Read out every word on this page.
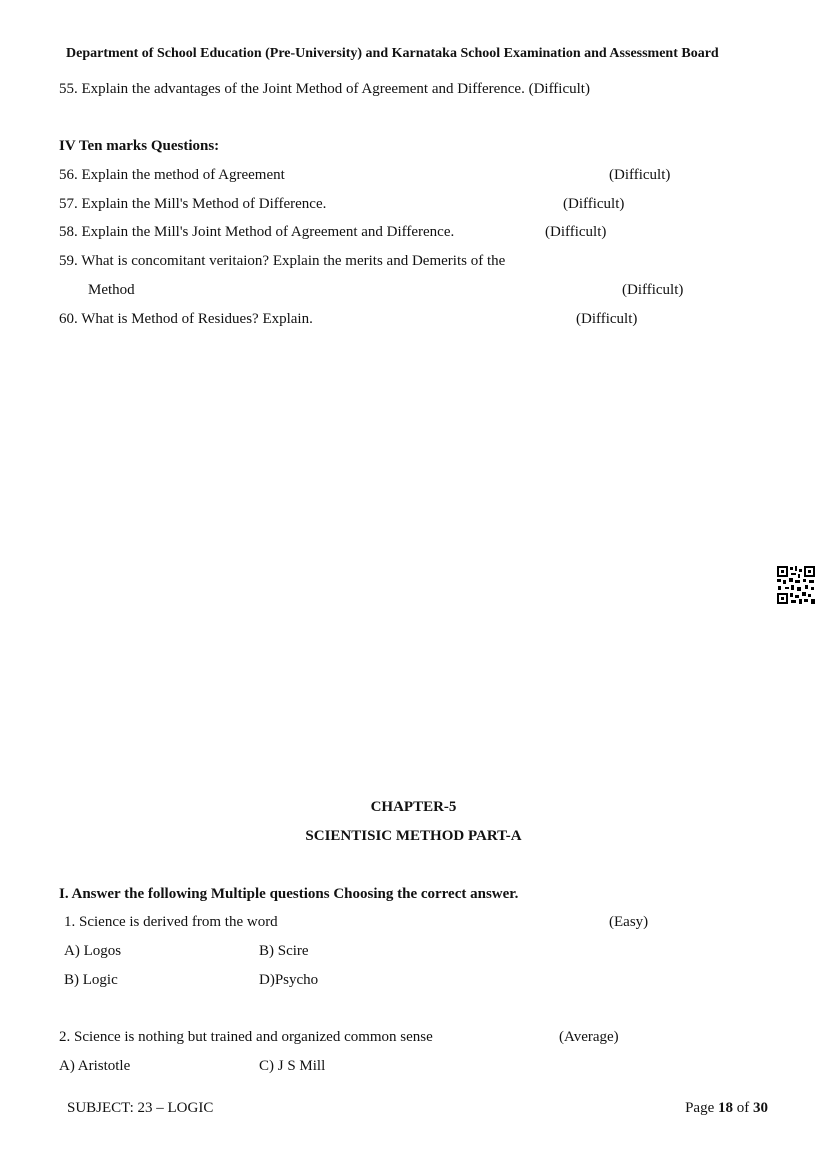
Department of School Education (Pre-University) and Karnataka School Examination and Assessment Board
55. Explain the advantages of the Joint Method of Agreement and Difference. (Difficult)
IV Ten marks Questions:
56. Explain the method of Agreement	(Difficult)
57. Explain the Mill's Method of Difference.	(Difficult)
58. Explain the Mill's Joint Method of Agreement and Difference.	(Difficult)
59. What is concomitant veritaion? Explain the merits and Demerits of the
Method	(Difficult)
60. What is Method of Residues? Explain.	(Difficult)
CHAPTER-5
SCIENTISIC METHOD PART-A
I. Answer the following Multiple questions Choosing the correct answer.
1. Science is derived from the word	(Easy)
A) Logos	B) Scire
B) Logic	D)Psycho
2. Science is nothing but trained and organized common sense	(Average)
A) Aristotle	C) J S Mill
SUBJECT: 23 – LOGIC	Page 18 of 30
